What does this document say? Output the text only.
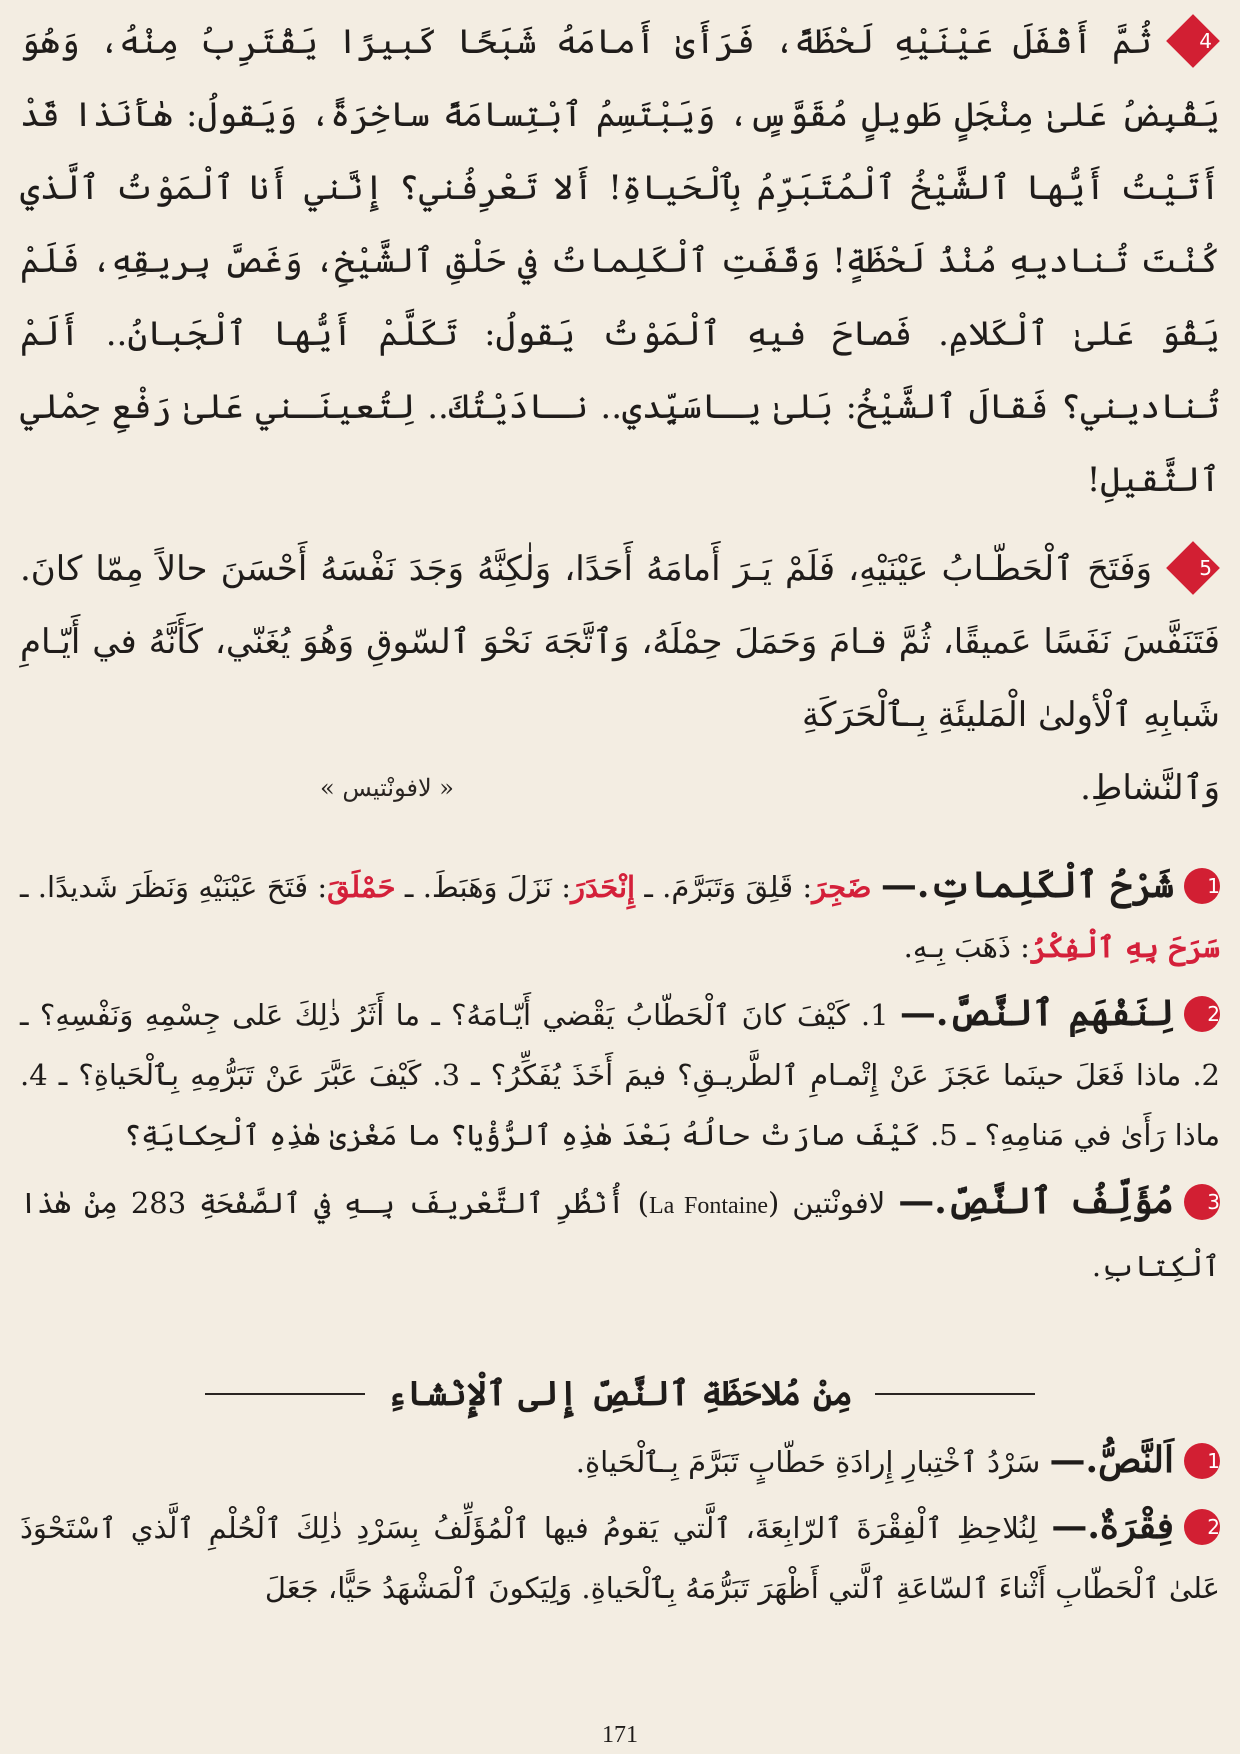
4
ثُمَّ أَقْفَلَ عَيْنَيْهِ لَحْظَةً، فَرَأَىٰ أَمامَهُ شَبَحًا كَبيرًا يَقْتَرِبُ مِنْهُ، وَهُوَ يَقْبِضُ عَلىٰ مِنْجَلٍ طَويلٍ مُقَوَّسٍ، وَيَبْتَسِمُ ٱبْتِسامَةً ساخِرَةً، وَيَقولُ: هٰأَنَذا قَدْ أَتَيْتُ أَيُّها ٱلشَّيْخُ ٱلْمُتَبَرِّمُ بِٱلْحَياةِ! أَلا تَعْرِفُني؟ إِنَّني أَنا ٱلْمَوْتُ ٱلَّذي كُنْتَ تُناديهِ مُنْذُ لَحْظَةٍ! وَقَفَتِ ٱلْكَلِماتُ في حَلْقِ ٱلشَّيْخِ، وَغَصَّ بِريقِهِ، فَلَمْ يَقْوَ عَلىٰ ٱلْكَلامِ. فَصاحَ فيهِ ٱلْمَوْتُ يَقولُ: تَكَلَّمْ أَيُّها ٱلْجَبانُ.. أَلَمْ تُناديني؟ فَقالَ ٱلشَّيْخُ: بَلىٰ يـاسَيِّدي.. نـادَيْتُكَ.. لِتُعينَـني عَلىٰ رَفْعِ حِمْلي ٱلثَّقيلِ!

5
وَفَتَحَ ٱلْحَطّـابُ عَيْنَيْهِ، فَلَمْ يَـرَ أَمامَهُ أَحَدًا، وَلٰكِنَّهُ وَجَدَ نَفْسَهُ أَحْسَنَ حالاً مِمّا كانَ. فَتَنَفَّسَ نَفَسًا عَميقًا، ثُمَّ قـامَ وَحَمَلَ حِمْلَهُ، وَٱتَّجَهَ نَحْوَ ٱلسّوقِ وَهُوَ يُغَنّي، كَأَنَّهُ في أَيّـامِ شَبابِهِ ٱلْأولىٰ الْمَليئَةِ بِـٱلْحَرَكَةِ
وَٱلنَّشاطِ.
« لافونْتيس »

1شَرْحُ ٱلْكَلِماتِ.— ضَجِرَ: قَلِقَ وَتَبَرَّمَ. ـ إِنْحَدَرَ: نَزَلَ وَهَبَطَ. ـ حَمْلَقَ: فَتَحَ عَيْنَيْهِ وَنَظَرَ شَديدًا. ـ سَرَحَ بِهِ ٱلْفِكْرُ: ذَهَبَ بِـهِ.

2لِنَفْهَمِ ٱلنَّصَّ.— 1. كَيْفَ كانَ ٱلْحَطّابُ يَقْضي أَيّـامَهُ؟ ـ ما أَثَرُ ذٰلِكَ عَلى جِسْمِهِ وَنَفْسِهِ؟ ـ 2. ماذا فَعَلَ حينَما عَجَزَ عَنْ إِتْمـامِ ٱلطَّريـقِ؟ فيمَ أَخَذَ يُفَكِّرُ؟ ـ 3. كَيْفَ عَبَّرَ عَنْ تَبَرُّمِهِ بِٱلْحَياةِ؟ ـ 4. ماذا رَأَىٰ في مَنامِهِ؟ ـ 5. كَيْفَ صارَتْ حالُهُ بَعْدَ هٰذِهِ ٱلرُّؤْيا؟ ما مَغْزىٰ هٰذِهِ ٱلْحِكايَةِ؟

3مُؤَلِّفُ ٱلنَّصِّ.— لافونْتين (La Fontaine) أُنْظُرِ ٱلتَّعْريفَ بِـهِ في ٱلصَّفْحَةِ 283 مِنْ هٰذا ٱلْكِتابِ.

مِنْ مُلاحَظَةِ ٱلنَّصِّ إِلى ٱلْإِنْشاءِ

1اَلنَّصُّ.— سَرْدُ ٱخْتِبارِ إِرادَةِ حَطّابٍ تَبَرَّمَ بِـٱلْحَياةِ.

2فِقْرَةٌ.— لِنُلاحِظِ ٱلْفِقْرَةَ ٱلرّابِعَةَ، ٱلَّتي يَقومُ فيها ٱلْمُؤَلِّفُ بِسَرْدِ ذٰلِكَ ٱلْحُلْمِ ٱلَّذي ٱسْتَحْوَذَ عَلىٰ ٱلْحَطّابِ أَثْناءَ ٱلسّاعَةِ ٱلَّتي أَظْهَرَ تَبَرُّمَهُ بِٱلْحَياةِ. وَلِيَكونَ ٱلْمَشْهَدُ حَيًّا، جَعَلَ

171
